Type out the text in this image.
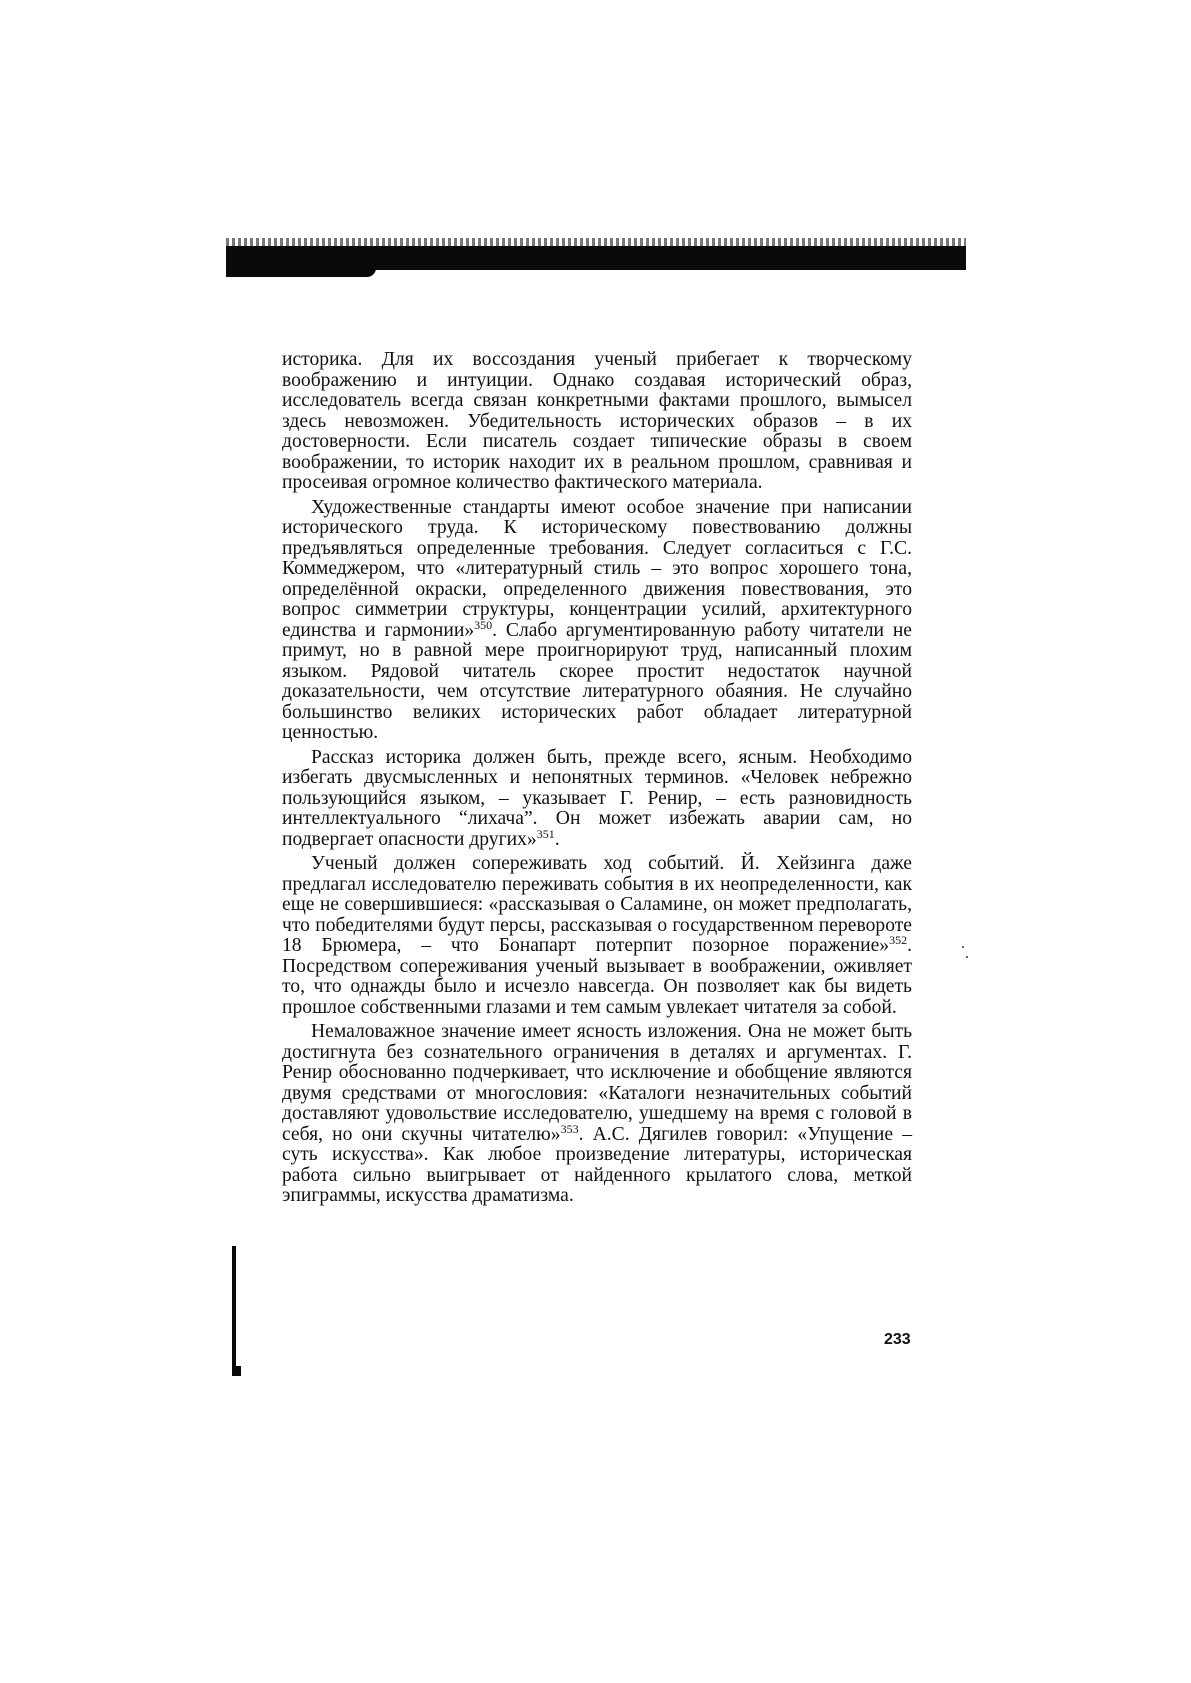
историка. Для их воссоздания ученый прибегает к творческому воображению и интуиции. Однако создавая исторический образ, исследователь всегда связан конкретными фактами прошлого, вымысел здесь невозможен. Убедительность исторических образов – в их достоверности. Если писатель создает типические образы в своем воображении, то историк находит их в реальном прошлом, сравнивая и просеивая огромное количество фактического материала.

Художественные стандарты имеют особое значение при написании исторического труда. К историческому повествованию должны предъявляться определенные требования. Следует согласиться с Г.С. Коммеджером, что «литературный стиль – это вопрос хорошего тона, определённой окраски, определенного движения повествования, это вопрос симметрии структуры, концентрации усилий, архитектурного единства и гармонии»$^{350}$. Слабо аргументированную работу читатели не примут, но в равной мере проигнорируют труд, написанный плохим языком. Рядовой читатель скорее простит недостаток научной доказательности, чем отсутствие литературного обаяния. Не случайно большинство великих исторических работ обладает литературной ценностью.

Рассказ историка должен быть, прежде всего, ясным. Необходимо избегать двусмысленных и непонятных терминов. «Человек небрежно пользующийся языком, – указывает Г. Ренир, – есть разновидность интеллектуального “лихача”. Он может избежать аварии сам, но подвергает опасности других»$^{351}$.

Ученый должен сопереживать ход событий. Й. Хейзинга даже предлагал исследователю переживать события в их неопределенности, как еще не совершившиеся: «рассказывая о Саламине, он может предполагать, что победителями будут персы, рассказывая о государственном перевороте 18 Брюмера, – что Бонапарт потерпит позорное поражение»$^{352}$. Посредством сопереживания ученый вызывает в воображении, оживляет то, что однажды было и исчезло навсегда. Он позволяет как бы видеть прошлое собственными глазами и тем самым увлекает читателя за собой.

Немаловажное значение имеет ясность изложения. Она не может быть достигнута без сознательного ограничения в деталях и аргументах. Г. Ренир обоснованно подчеркивает, что исключение и обобщение являются двумя средствами от многословия: «Каталоги незначительных событий доставляют удовольствие исследователю, ушедшему на время с головой в себя, но они скучны читателю»$^{353}$. А.С. Дягилев говорил: «Упущение – суть искусства». Как любое произведение литературы, историческая работа сильно выигрывает от найденного крылатого слова, меткой эпиграммы, искусства драматизма.

233
